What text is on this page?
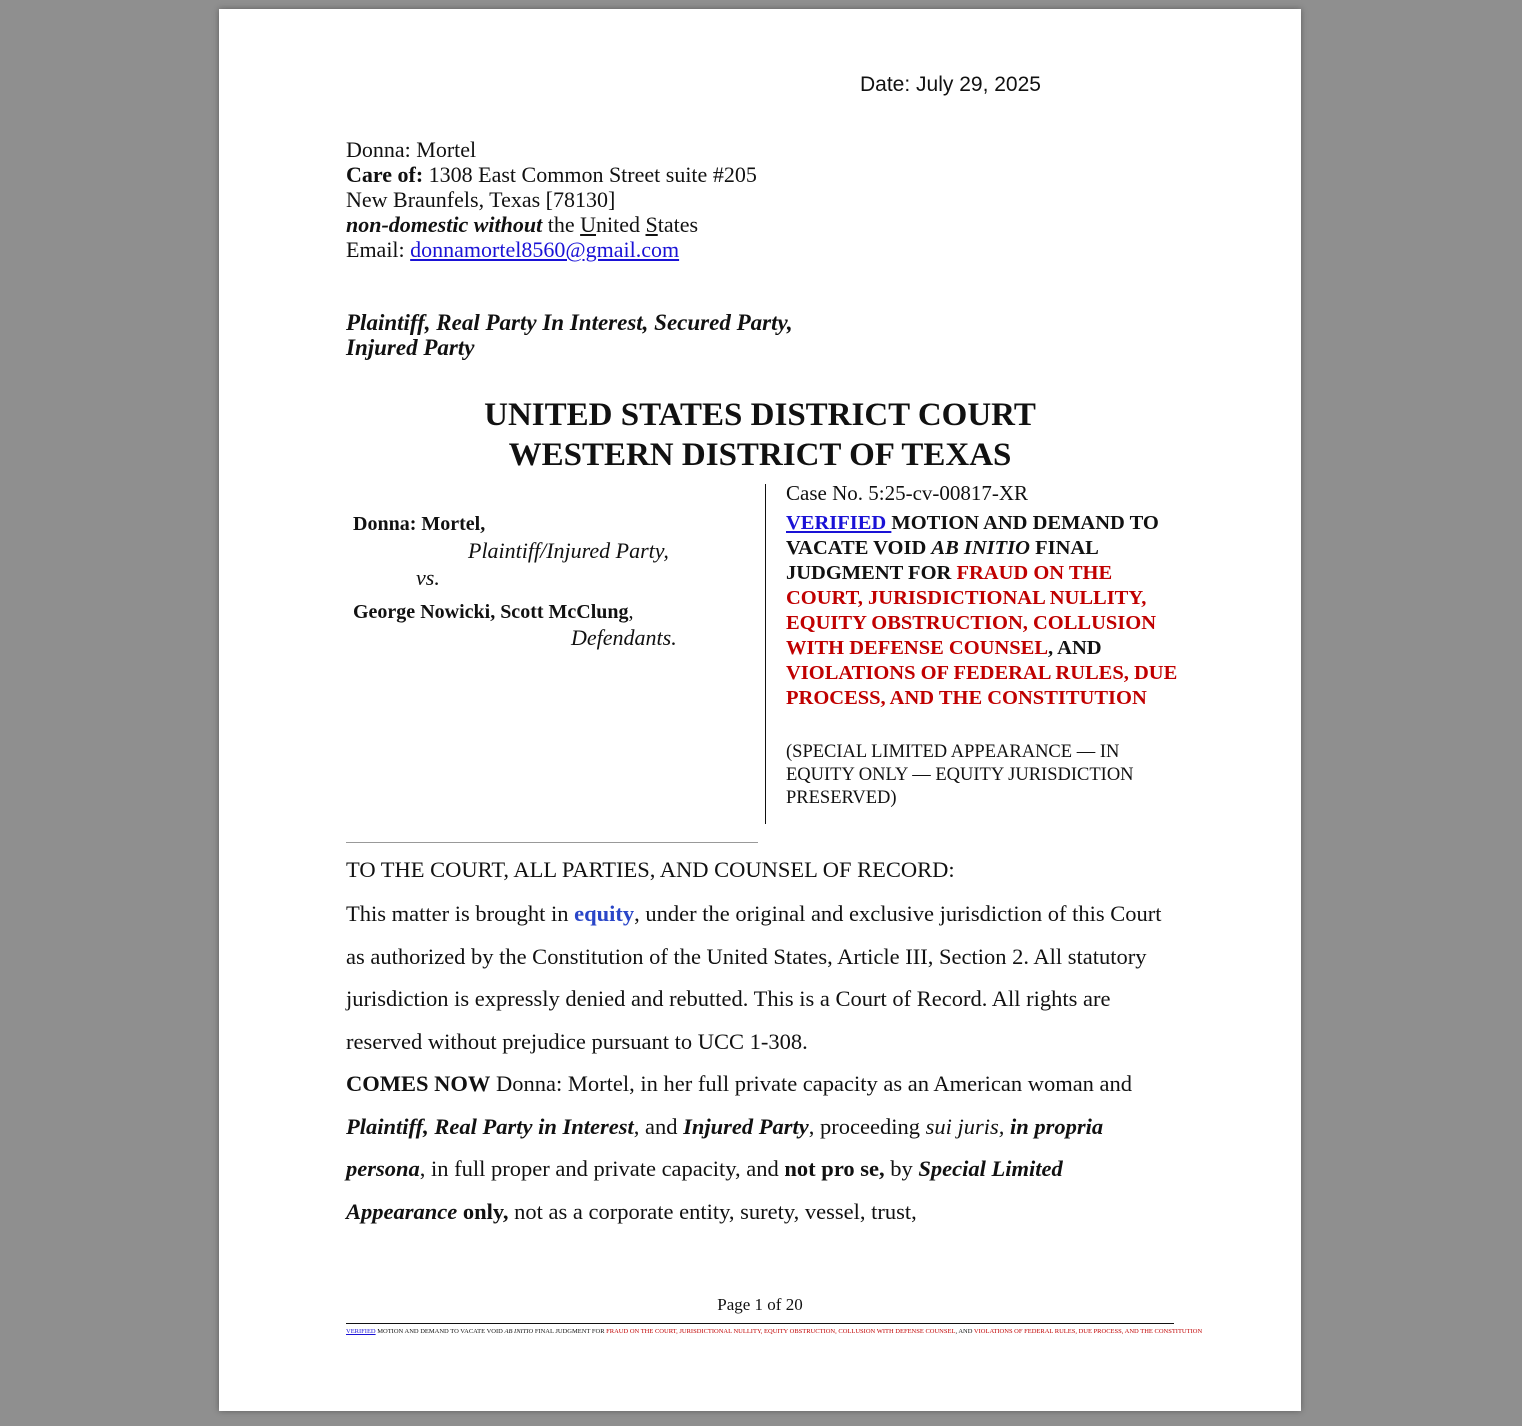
Date: July 29, 2025
Donna: Mortel
Care of: 1308 East Common Street suite #205
New Braunfels, Texas [78130]
non-domestic without the United States
Email: donnamortel8560@gmail.com
Plaintiff, Real Party In Interest, Secured Party,
Injured Party
UNITED STATES DISTRICT COURT
WESTERN DISTRICT OF TEXAS
Donna: Mortel,
Plaintiff/Injured Party,
vs.
George Nowicki, Scott McClung,
Defendants.
Case No. 5:25-cv-00817-XR
VERIFIED MOTION AND DEMAND TO VACATE VOID AB INITIO FINAL JUDGMENT FOR FRAUD ON THE COURT, JURISDICTIONAL NULLITY, EQUITY OBSTRUCTION, COLLUSION WITH DEFENSE COUNSEL, AND VIOLATIONS OF FEDERAL RULES, DUE PROCESS, AND THE CONSTITUTION
(SPECIAL LIMITED APPEARANCE — IN EQUITY ONLY — EQUITY JURISDICTION PRESERVED)
TO THE COURT, ALL PARTIES, AND COUNSEL OF RECORD:

This matter is brought in equity, under the original and exclusive jurisdiction of this Court as authorized by the Constitution of the United States, Article III, Section 2. All statutory jurisdiction is expressly denied and rebutted. This is a Court of Record. All rights are reserved without prejudice pursuant to UCC 1-308.

COMES NOW Donna: Mortel, in her full private capacity as an American woman and Plaintiff, Real Party in Interest, and Injured Party, proceeding sui juris, in propria persona, in full proper and private capacity, and not pro se, by Special Limited Appearance only, not as a corporate entity, surety, vessel, trust,

Page 1 of 20
VERIFIED MOTION AND DEMAND TO VACATE VOID AB INITIO FINAL JUDGMENT FOR FRAUD ON THE COURT, JURISDICTIONAL NULLITY, EQUITY OBSTRUCTION, COLLUSION WITH DEFENSE COUNSEL, AND VIOLATIONS OF FEDERAL RULES, DUE PROCESS, AND THE CONSTITUTION
